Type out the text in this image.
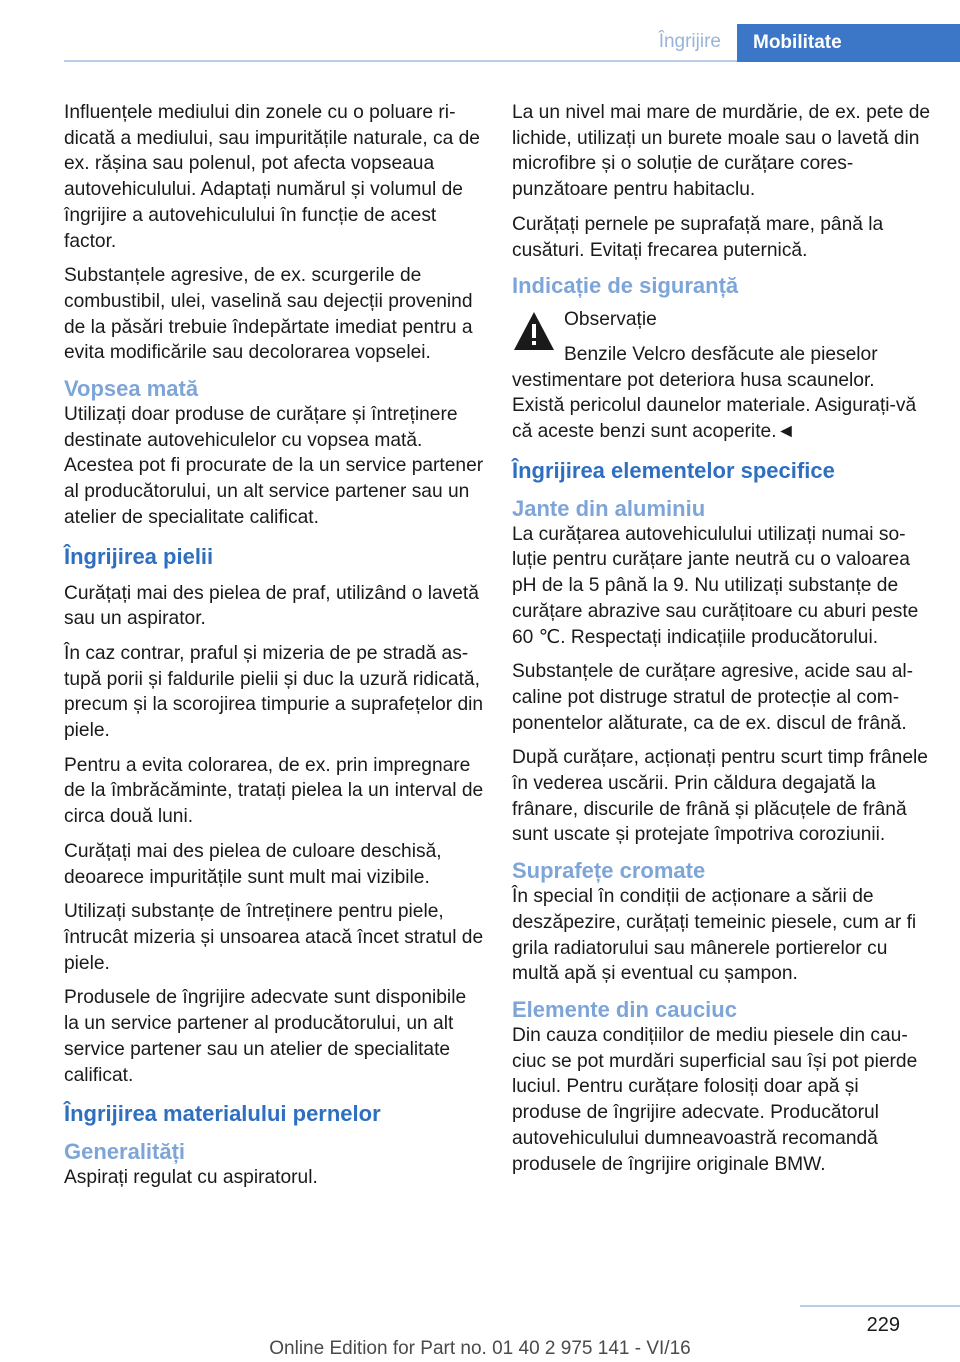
Îngrijire	Mobilitate

Influențele mediului din zonele cu o poluare ridicată a mediului, sau impuritățile naturale, ca de ex. rășina sau polenul, pot afecta vopseaua autovehiculului. Adaptați numărul și volumul de îngrijire a autovehiculului în funcție de acest factor.

Substanțele agresive, de ex. scurgerile de combustibil, ulei, vaselină sau dejecții provenind de la păsări trebuie îndepărtate imediat pentru a evita modificările sau decolorarea vopselei.

Vopsea mată

Utilizați doar produse de curățare și întreținere destinate autovehiculelor cu vopsea mată. Acestea pot fi procurate de la un service partener al producătorului, un alt service partener sau un atelier de specialitate calificat.

Îngrijirea pielii

Curățați mai des pielea de praf, utilizând o lavetă sau un aspirator.

În caz contrar, praful și mizeria de pe stradă astupă porii și faldurile pielii și duc la uzură ridicată, precum și la scorojirea timpurie a suprafețelor din piele.

Pentru a evita colorarea, de ex. prin impregnare de la îmbrăcăminte, tratați pielea la un interval de circa două luni.

Curățați mai des pielea de culoare deschisă, deoarece impuritățile sunt mult mai vizibile.

Utilizați substanțe de întreținere pentru piele, întrucât mizeria și unsoarea atacă încet stratul de piele.

Produsele de îngrijire adecvate sunt disponibile la un service partener al producătorului, un alt service partener sau un atelier de specialitate calificat.

Îngrijirea materialului pernelor
Generalități

Aspirați regulat cu aspiratorul.

La un nivel mai mare de murdărie, de ex. pete de lichide, utilizați un burete moale sau o lavetă din microfibre și o soluție de curățare corespunzătoare pentru habitaclu.

Curățați pernele pe suprafață mare, până la cusături. Evitați frecarea puternică.

Indicație de siguranță

Observație

Benzile Velcro desfăcute ale pieselor vestimentare pot deteriora husa scaunelor. Există pericolul daunelor materiale. Asigurați-vă că aceste benzi sunt acoperite.◄

Îngrijirea elementelor specifice
Jante din aluminiu

La curățarea autovehiculului utilizați numai soluție pentru curățare jante neutră cu o valoarea pH de la 5 până la 9. Nu utilizați substanțe de curățare abrazive sau curățitoare cu aburi peste 60 ℃. Respectați indicațiile producătorului.

Substanțele de curățare agresive, acide sau alcaline pot distruge stratul de protecție al componentelor alăturate, ca de ex. discul de frână.

După curățare, acționați pentru scurt timp frânele în vederea uscării. Prin căldura degajată la frânare, discurile de frână și plăcuțele de frână sunt uscate și protejate împotriva coroziunii.

Suprafețe cromate

În special în condiții de acționare a sării de deszăpezire, curățați temeinic piesele, cum ar fi grila radiatorului sau mânerele portierelor cu multă apă și eventual cu șampon.

Elemente din cauciuc

Din cauza condițiilor de mediu piesele din cauciuc se pot murdări superficial sau își pot pierde luciul. Pentru curățare folosiți doar apă și produse de îngrijire adecvate. Producătorul autovehiculului dumneavoastră recomandă produsele de îngrijire originale BMW.

229
Online Edition for Part no. 01 40 2 975 141 - VI/16
